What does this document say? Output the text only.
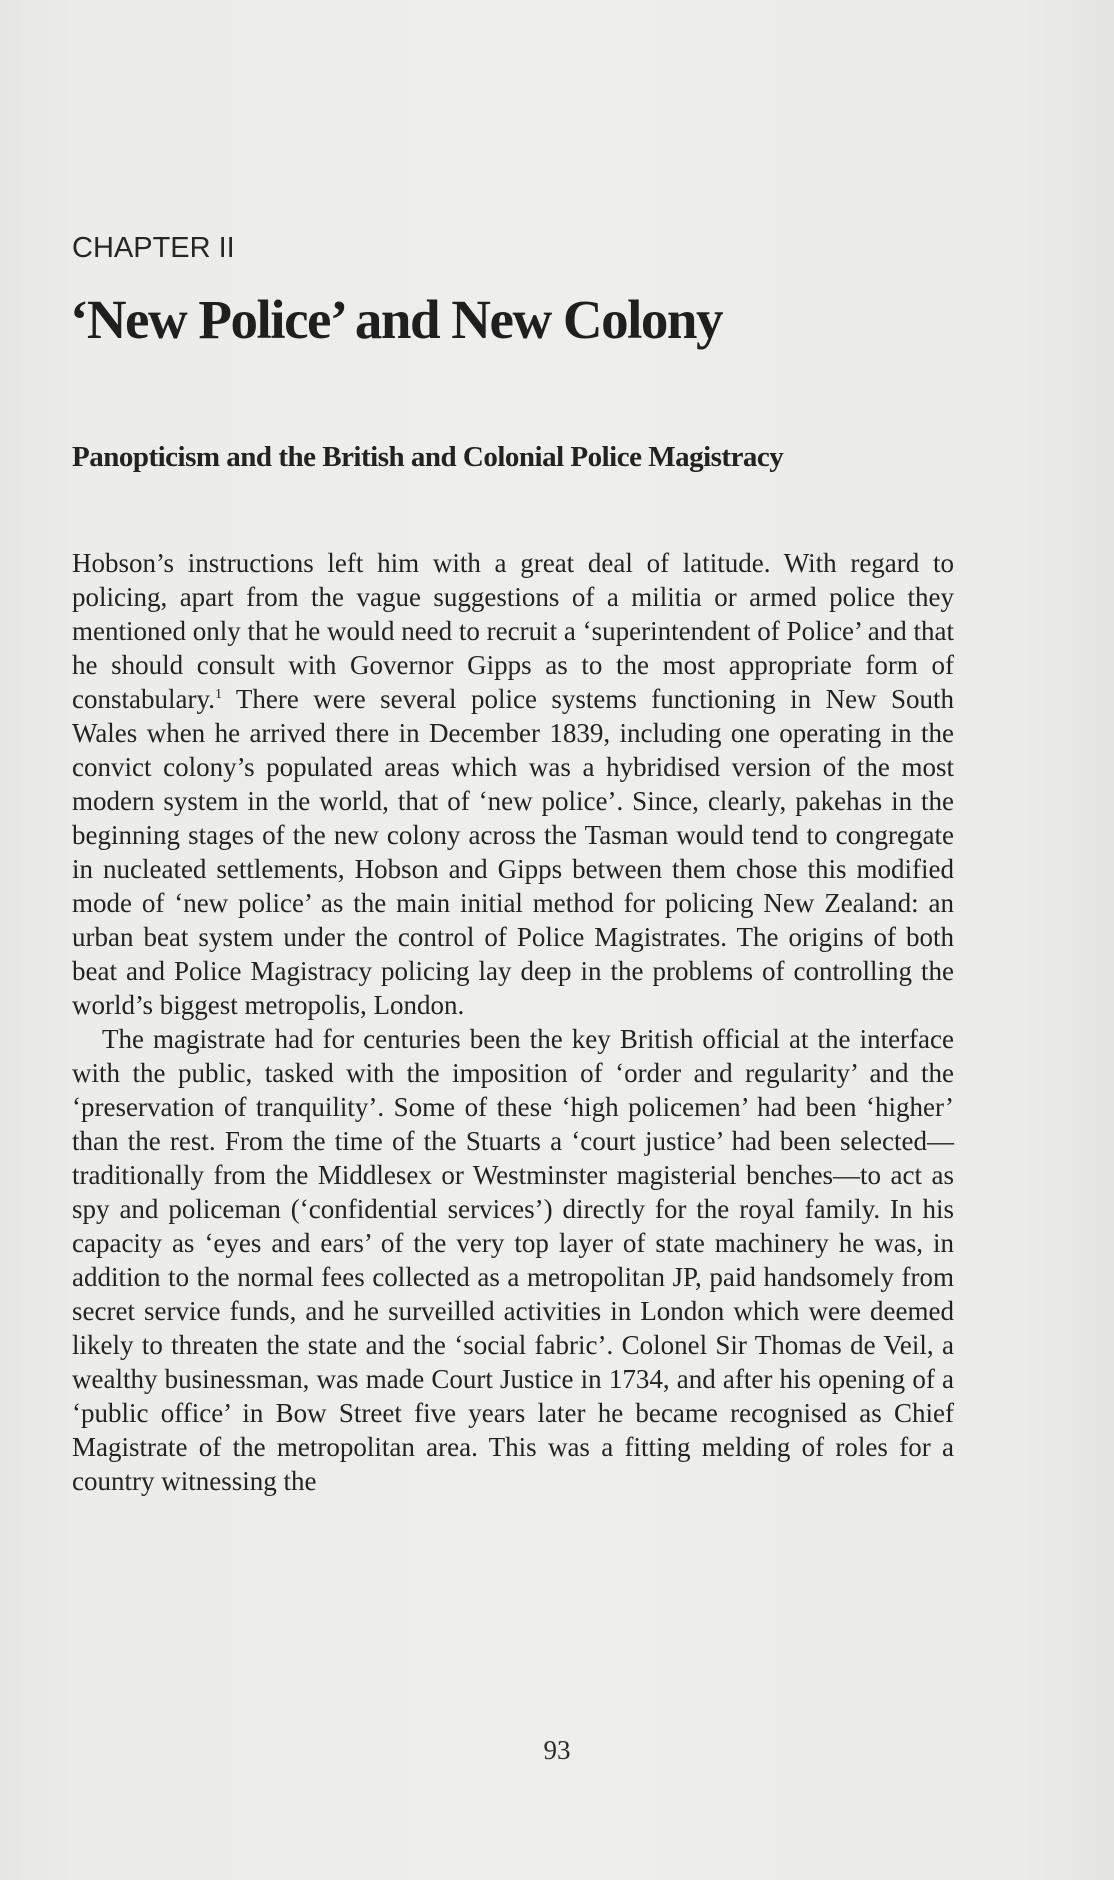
CHAPTER II
‘New Police’ and New Colony
Panopticism and the British and Colonial Police Magistracy

Hobson’s instructions left him with a great deal of latitude. With regard to policing, apart from the vague suggestions of a militia or armed police they mentioned only that he would need to recruit a ‘superintendent of Police’ and that he should consult with Governor Gipps as to the most appropriate form of constabulary.$^1$ There were several police systems functioning in New South Wales when he arrived there in December 1839, including one operating in the convict colony’s populated areas which was a hybridised version of the most modern system in the world, that of ‘new police’. Since, clearly, pakehas in the beginning stages of the new colony across the Tasman would tend to congregate in nucleated settlements, Hobson and Gipps between them chose this modified mode of ‘new police’ as the main initial method for policing New Zealand: an urban beat system under the control of Police Magistrates. The origins of both beat and Police Magistracy policing lay deep in the problems of controlling the world’s biggest metropolis, London.

The magistrate had for centuries been the key British official at the interface with the public, tasked with the imposition of ‘order and regularity’ and the ‘preservation of tranquility’. Some of these ‘high policemen’ had been ‘higher’ than the rest. From the time of the Stuarts a ‘court justice’ had been selected—traditionally from the Middlesex or Westminster magisterial benches—to act as spy and policeman (‘confidential services’) directly for the royal family. In his capacity as ‘eyes and ears’ of the very top layer of state machinery he was, in addition to the normal fees collected as a metropolitan JP, paid handsomely from secret service funds, and he surveilled activities in London which were deemed likely to threaten the state and the ‘social fabric’. Colonel Sir Thomas de Veil, a wealthy businessman, was made Court Justice in 1734, and after his opening of a ‘public office’ in Bow Street five years later he became recognised as Chief Magistrate of the metropolitan area. This was a fitting melding of roles for a country witnessing the

93
